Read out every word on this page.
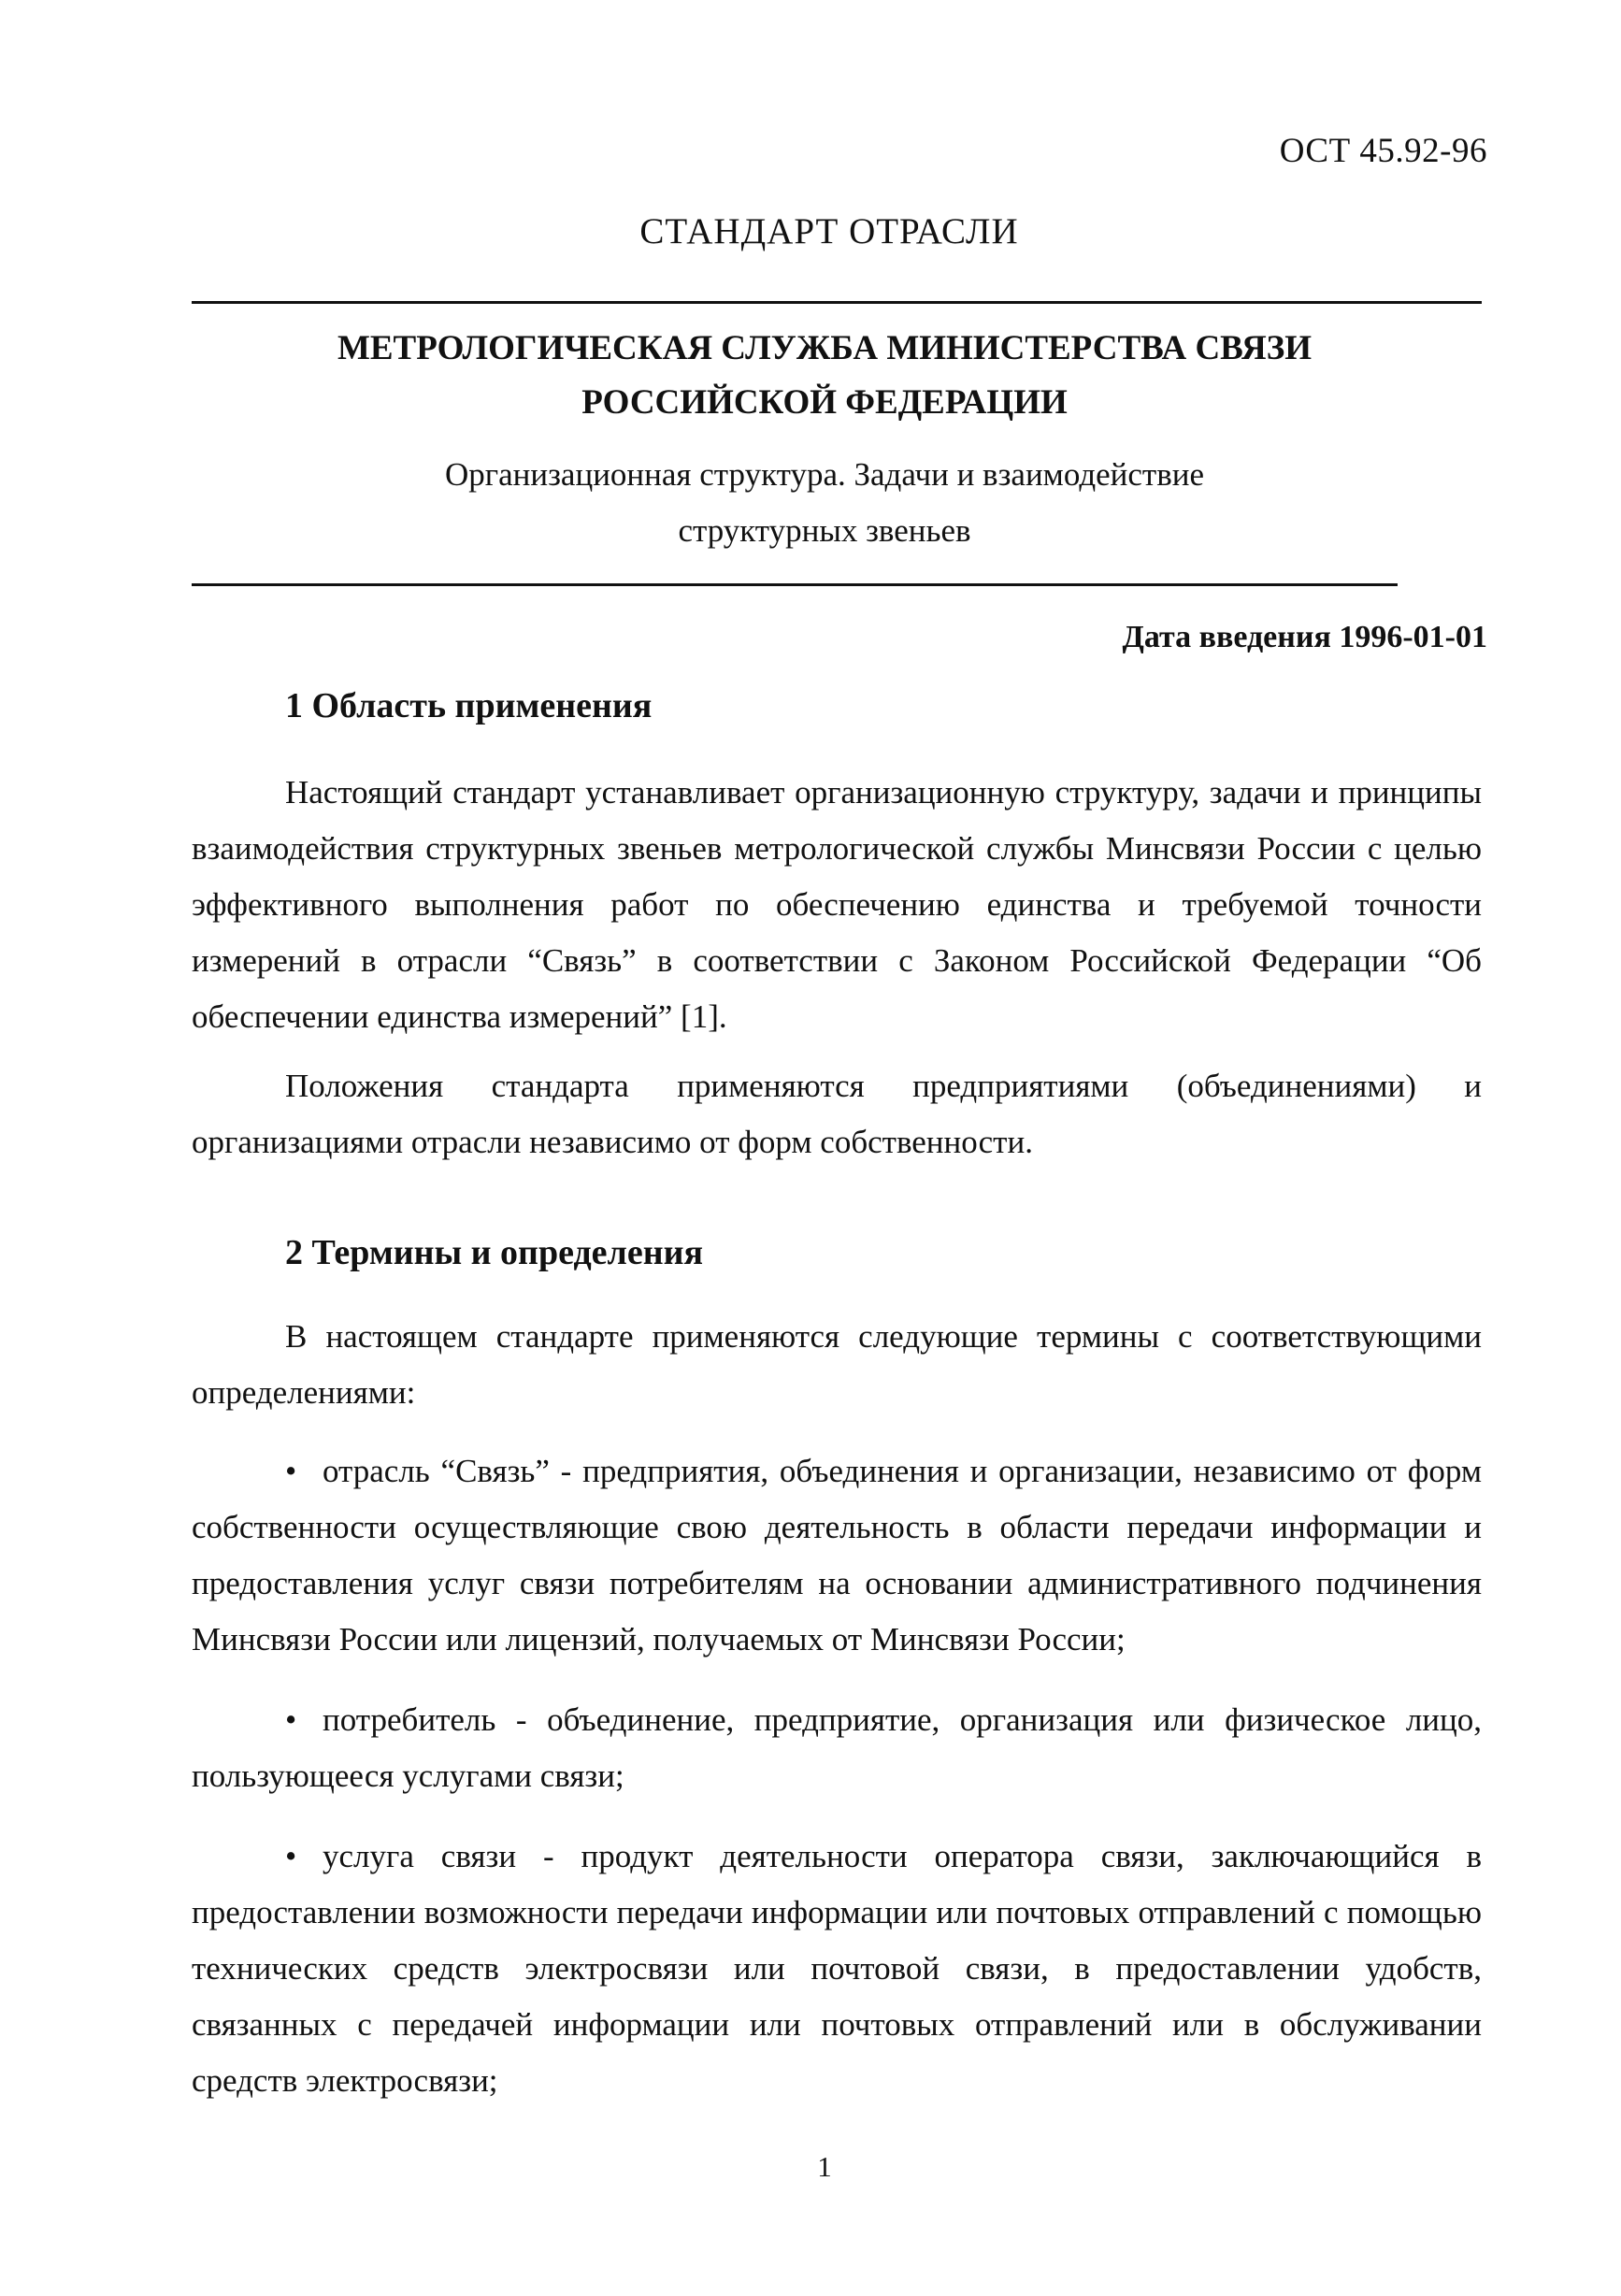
ОСТ 45.92-96
СТАНДАРТ ОТРАСЛИ
МЕТРОЛОГИЧЕСКАЯ СЛУЖБА МИНИСТЕРСТВА СВЯЗИ
РОССИЙСКОЙ ФЕДЕРАЦИИ
Организационная структура. Задачи и взаимодействие
структурных звеньев
Дата введения 1996-01-01
1 Область применения

Настоящий стандарт устанавливает организационную структуру, задачи и принципы взаимодействия структурных звеньев метрологической службы Минсвязи России с целью эффективного выполнения работ по обеспечению единства и требуемой точности измерений в отрасли “Связь” в соответствии с Законом Российской Федерации “Об обеспечении единства измерений” [1].

Положения стандарта применяются предприятиями (объединениями) и организациями отрасли независимо от форм собственности.

2 Термины и определения

В настоящем стандарте применяются следующие термины с соответствующими определениями:

• отрасль “Связь” - предприятия, объединения и организации, независимо от форм собственности осуществляющие свою деятельность в области передачи информации и предоставления услуг связи потребителям на основании административного подчинения Минсвязи России или лицензий, получаемых от Минсвязи России;
• потребитель - объединение, предприятие, организация или физическое лицо, пользующееся услугами связи;
• услуга связи - продукт деятельности оператора связи, заключающийся в предоставлении возможности передачи информации или почтовых отправлений с помощью технических средств электросвязи или почтовой связи, в предоставлении удобств, связанных с передачей информации или почтовых отправлений или в обслуживании средств электросвязи;
1
